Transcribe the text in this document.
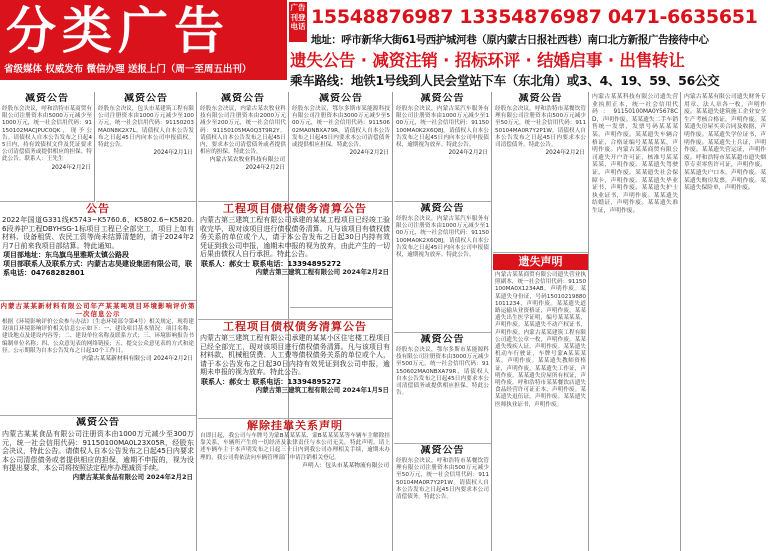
分类广告
省级媒体 权威发布 微信办理 送报上门（周一至周五出刊）
广告刊登电话 15548876987 13354876987 0471-6635651
地址：呼市新华大街61号西护城河巷（原内蒙古日报社西巷）南口北方新报广告接待中心
遗失公告 · 减资注销 · 招标环评 · 结婚启事 · 出售转让
乘车路线：地铁1号线到人民会堂站下车（东北角）或3、4、19、59、56公交
减资公告
经股东会决议，呼和浩特市某商贸有限公司注册资本由5000万元减少至1000万元，统一社会信用代码：91150102MACJPUC0QK，现予公告。请债权人自本公告发布之日起45日内，持有效债权文件及凭证要求公司清偿债务或提供相应的担保。特此公告。联系人：王先生
2024年2月2日
减资公告
经股东会决议，包头市某建筑工程有限公司注册资本由1000万元减少至100万元，统一社会信用代码：91150203MA0N8K2X7L。请债权人自本公告发布之日起45日内向本公司申报债权。特此公告。
2024年2月1日
减资公告
经股东会决议，内蒙古某农牧业科技有限公司注册资本由2000万元减少至200万元，统一社会信用代码：91150105MA0Q3T9R2Y。请债权人自本公告发布之日起45日内，要求本公司清偿债务或者提供相应的担保。特此公告。
内蒙古某农牧业科技有限公司 2024年2月2日
减资公告
经股东会决议，鄂尔多斯市某能源科技有限公司注册资本由3000万元减少至500万元，统一社会信用代码：91150602MA0NBXA79R。请债权人自本公告发布之日起45日内要求本公司清偿债务或提供相应担保。特此公告。
2024年2月2日
减资公告
经股东会决议，内蒙古某汽车服务有限公司注册资本由1000万元减少至100万元，统一社会信用代码：91150100MA0K2X6Q8J。请债权人自本公告发布之日起45日内向本公司申报债权，逾期视为放弃。特此公告。
2024年2月2日
减资公告
经股东会决议，呼和浩特市某餐饮管理有限公司注册资本由500万元减少至50万元，统一社会信用代码：91150104MA0R7Y2P1W。请债权人自本公告发布之日起45日内要求本公司清偿债务。特此公告。
2024年2月2日
公告
2022年国道G331线K5743~K5760.6、K5802.6~K5820.6段养护工程DBYHSG-1标项目工程已全部完工，项目上如有材料、设备租赁、农民工资等尚未结算清楚的，请于2024年2月7日前来我项目部结算。特此通知。
项目部地址：东乌旗乌里雅斯太镇公路段
项目部联系人及联系方式：内蒙古志昊建设集团有限公司，联系电话：04768282801
内蒙古某某新材料有限公司年产某某吨项目环境影响评价第一次信息公示
根据《环境影响评价公众参与办法》（生态环境部令第4号）相关规定，现将建设项目环境影响评价相关信息公示如下：一、建设项目基本情况：项目名称、建设地点及建设内容等；二、建设单位名称及联系方式；三、环境影响报告书编制单位名称；四、公众意见表的网络链接；五、提交公众意见表的方式和途径。公示期限为自本公告发布之日起10个工作日。
内蒙古某某新材料有限公司 2024年2月2日
减资公告
内蒙古某某食品有限公司注册资本由1000万元减少至300万元，统一社会信用代码：91150100MA0L23X05R，经股东会决议，特此公告。请债权人自本公告发布之日起45日内要求本公司清偿债务或者提供相应的担保，逾期不申报的，视为没有提出要求，本公司将按照法定程序办理减资手续。
内蒙古某某食品有限公司 2024年2月2日
工程项目债权债务清算公告
内蒙古第三建筑工程有限公司承建的某某工程项目已经竣工验收完毕，现对该项目进行债权债务清算。凡与该项目有债权债务关系的单位或个人，请于本公告发布之日起30日内持有效凭证到我公司申报，逾期未申报的视为放弃，由此产生的一切后果由债权人自行承担。特此公告。
联系人：郝女士 联系电话：13394895272
内蒙古第三建筑工程有限公司 2024年2月2日
工程项目债权债务清算公告
内蒙古第三建筑工程有限公司承建的某某小区住宅楼工程项目已经全部完工，现对该项目进行债权债务清算。凡与该项目有材料款、机械租赁费、人工费等债权债务关系的单位或个人，请于本公告发布之日起30日内持有效凭证到我公司申报，逾期未申报的视为放弃。特此公告。
联系人：郝女士 联系电话：13394895272
内蒙古第三建筑工程有限公司 2024年1月5日
解除挂靠关系声明
自即日起，我公司与车牌号为蒙B某某某某、蒙B某某某某等车辆车主解除挂靠关系，车辆所产生的一切经济及法律责任与本公司无关，特此声明。请上述车辆车主于本声明发布之日起三十日内到我公司办理相关手续，逾期未办理的，我公司将依法向车辆管理部门申请注销相关登记。
声明人：包头市某某物流有限公司
减资公告
经股东会决议，内蒙古某汽车服务有限公司注册资本由1000万元减少至100万元，统一社会信用代码：91150100MA0K2X6Q8J。请债权人自本公告发布之日起45日内向本公司申报债权，逾期视为放弃。特此公告。
减资公告
经股东会决议，鄂尔多斯市某能源科技有限公司注册资本由3000万元减少至500万元，统一社会信用代码：91150602MA0NBXA79R。请债权人自本公告发布之日起45日内要求本公司清偿债务或提供相应担保。特此公告。
减资公告
经股东会决议，呼和浩特市某餐饮管理有限公司注册资本由500万元减少至50万元，统一社会信用代码：91150104MA0R7Y2P1W。请债权人自本公告发布之日起45日内要求本公司清偿债务。特此公告。
遗失声明
内蒙古某某商贸有限公司遗失营业执照副本，统一社会信用代码：91150100MA0X1234AB，声明作废。某某遗失身份证，号码150102198801011234，声明作废。某某遗失道路运输从业资格证，声明作废。某某遗失出生医学证明，编号某某某某，声明作废。某某遗失不动产权证书，声明作废。内蒙古某某建筑工程有限公司遗失公章一枚，声明作废。某某遗失残疾人证，声明作废。某某遗失机动车行驶证，车牌号蒙A某某某某，声明作废。某某遗失教师资格证，声明作废。某某遗失工作证，声明作废。某某遗失房屋所有权证，声明作废。呼和浩特市某某餐饮店遗失食品经营许可证正本，声明作废。某某遗失退伍证，声明作废。某某遗失医师执业证书，声明作废。
内蒙古某某科技有限公司遗失营业执照正本，统一社会信用代码：91150100MA0Y5678CD，声明作废。某某遗失二手车销售统一发票，发票号码某某某某，声明作废。某某遗失车辆合格证，合格证编号某某某某，声明作废。内蒙古某某商贸有限公司遗失开户许可证，核准号某某某某，声明作废。某某遗失驾驶证，声明作废。某某遗失社会保障卡，声明作废。某某遗失毕业证书，声明作废。某某遗失护士执业证书，声明作废。某某遗失结婚证，声明作废。某某遗失准生证，声明作废。
内蒙古某某有限公司遗失财务专用章、法人章各一枚，声明作废。某某遗失建筑施工企业安全生产考核合格证，声明作废。某某遗失房屋买卖合同及收据，声明作废。某某遗失学位证书，声明作废。某某遗失士兵证，声明作废。某某遗失营运证，声明作废。呼和浩特市某某超市遗失烟草专卖零售许可证，声明作废。某某遗失户口本，声明作废。某某遗失购房发票，声明作废。某某遗失保险单，声明作废。
